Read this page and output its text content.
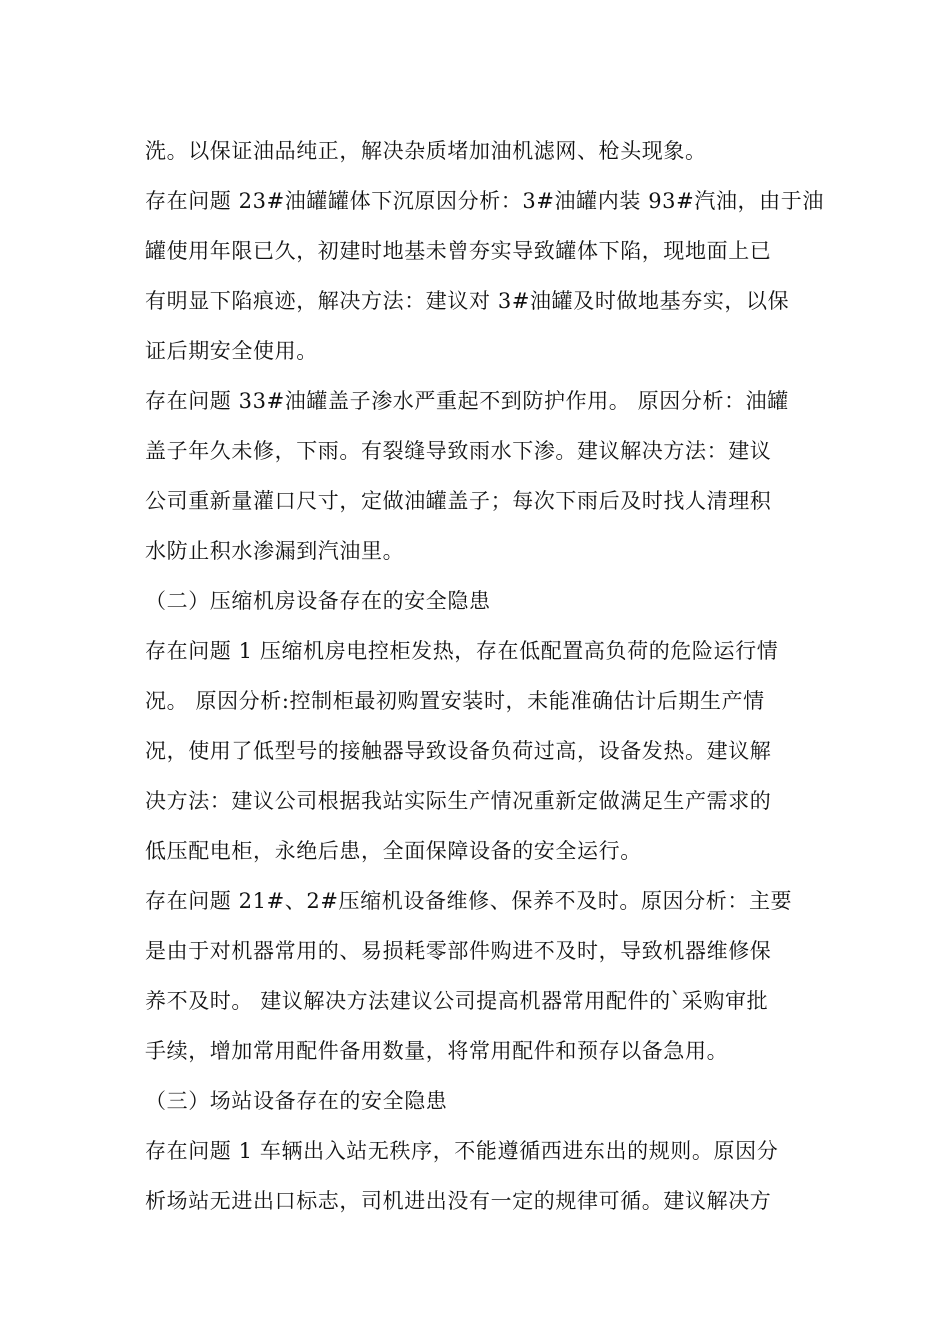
洗。以保证油品纯正，解决杂质堵加油机滤网、枪头现象。
存在问题 23#油罐罐体下沉原因分析：3#油罐内装 93#汽油，由于油
罐使用年限已久，初建时地基未曾夯实导致罐体下陷，现地面上已
有明显下陷痕迹，解决方法：建议对 3#油罐及时做地基夯实，以保
证后期安全使用。
存在问题 33#油罐盖子渗水严重起不到防护作用。 原因分析：油罐
盖子年久未修，下雨。有裂缝导致雨水下渗。建议解决方法：建议
公司重新量灌口尺寸，定做油罐盖子；每次下雨后及时找人清理积
水防止积水渗漏到汽油里。
（二）压缩机房设备存在的安全隐患
存在问题 1 压缩机房电控柜发热，存在低配置高负荷的危险运行情
况。 原因分析:控制柜最初购置安装时，未能准确估计后期生产情
况，使用了低型号的接触器导致设备负荷过高，设备发热。建议解
决方法：建议公司根据我站实际生产情况重新定做满足生产需求的
低压配电柜，永绝后患，全面保障设备的安全运行。
存在问题 21#、2#压缩机设备维修、保养不及时。原因分析：主要
是由于对机器常用的、易损耗零部件购进不及时，导致机器维修保
养不及时。 建议解决方法建议公司提高机器常用配件的`采购审批
手续，增加常用配件备用数量，将常用配件和预存以备急用。
（三）场站设备存在的安全隐患
存在问题 1 车辆出入站无秩序，不能遵循西进东出的规则。原因分
析场站无进出口标志，司机进出没有一定的规律可循。建议解决方
